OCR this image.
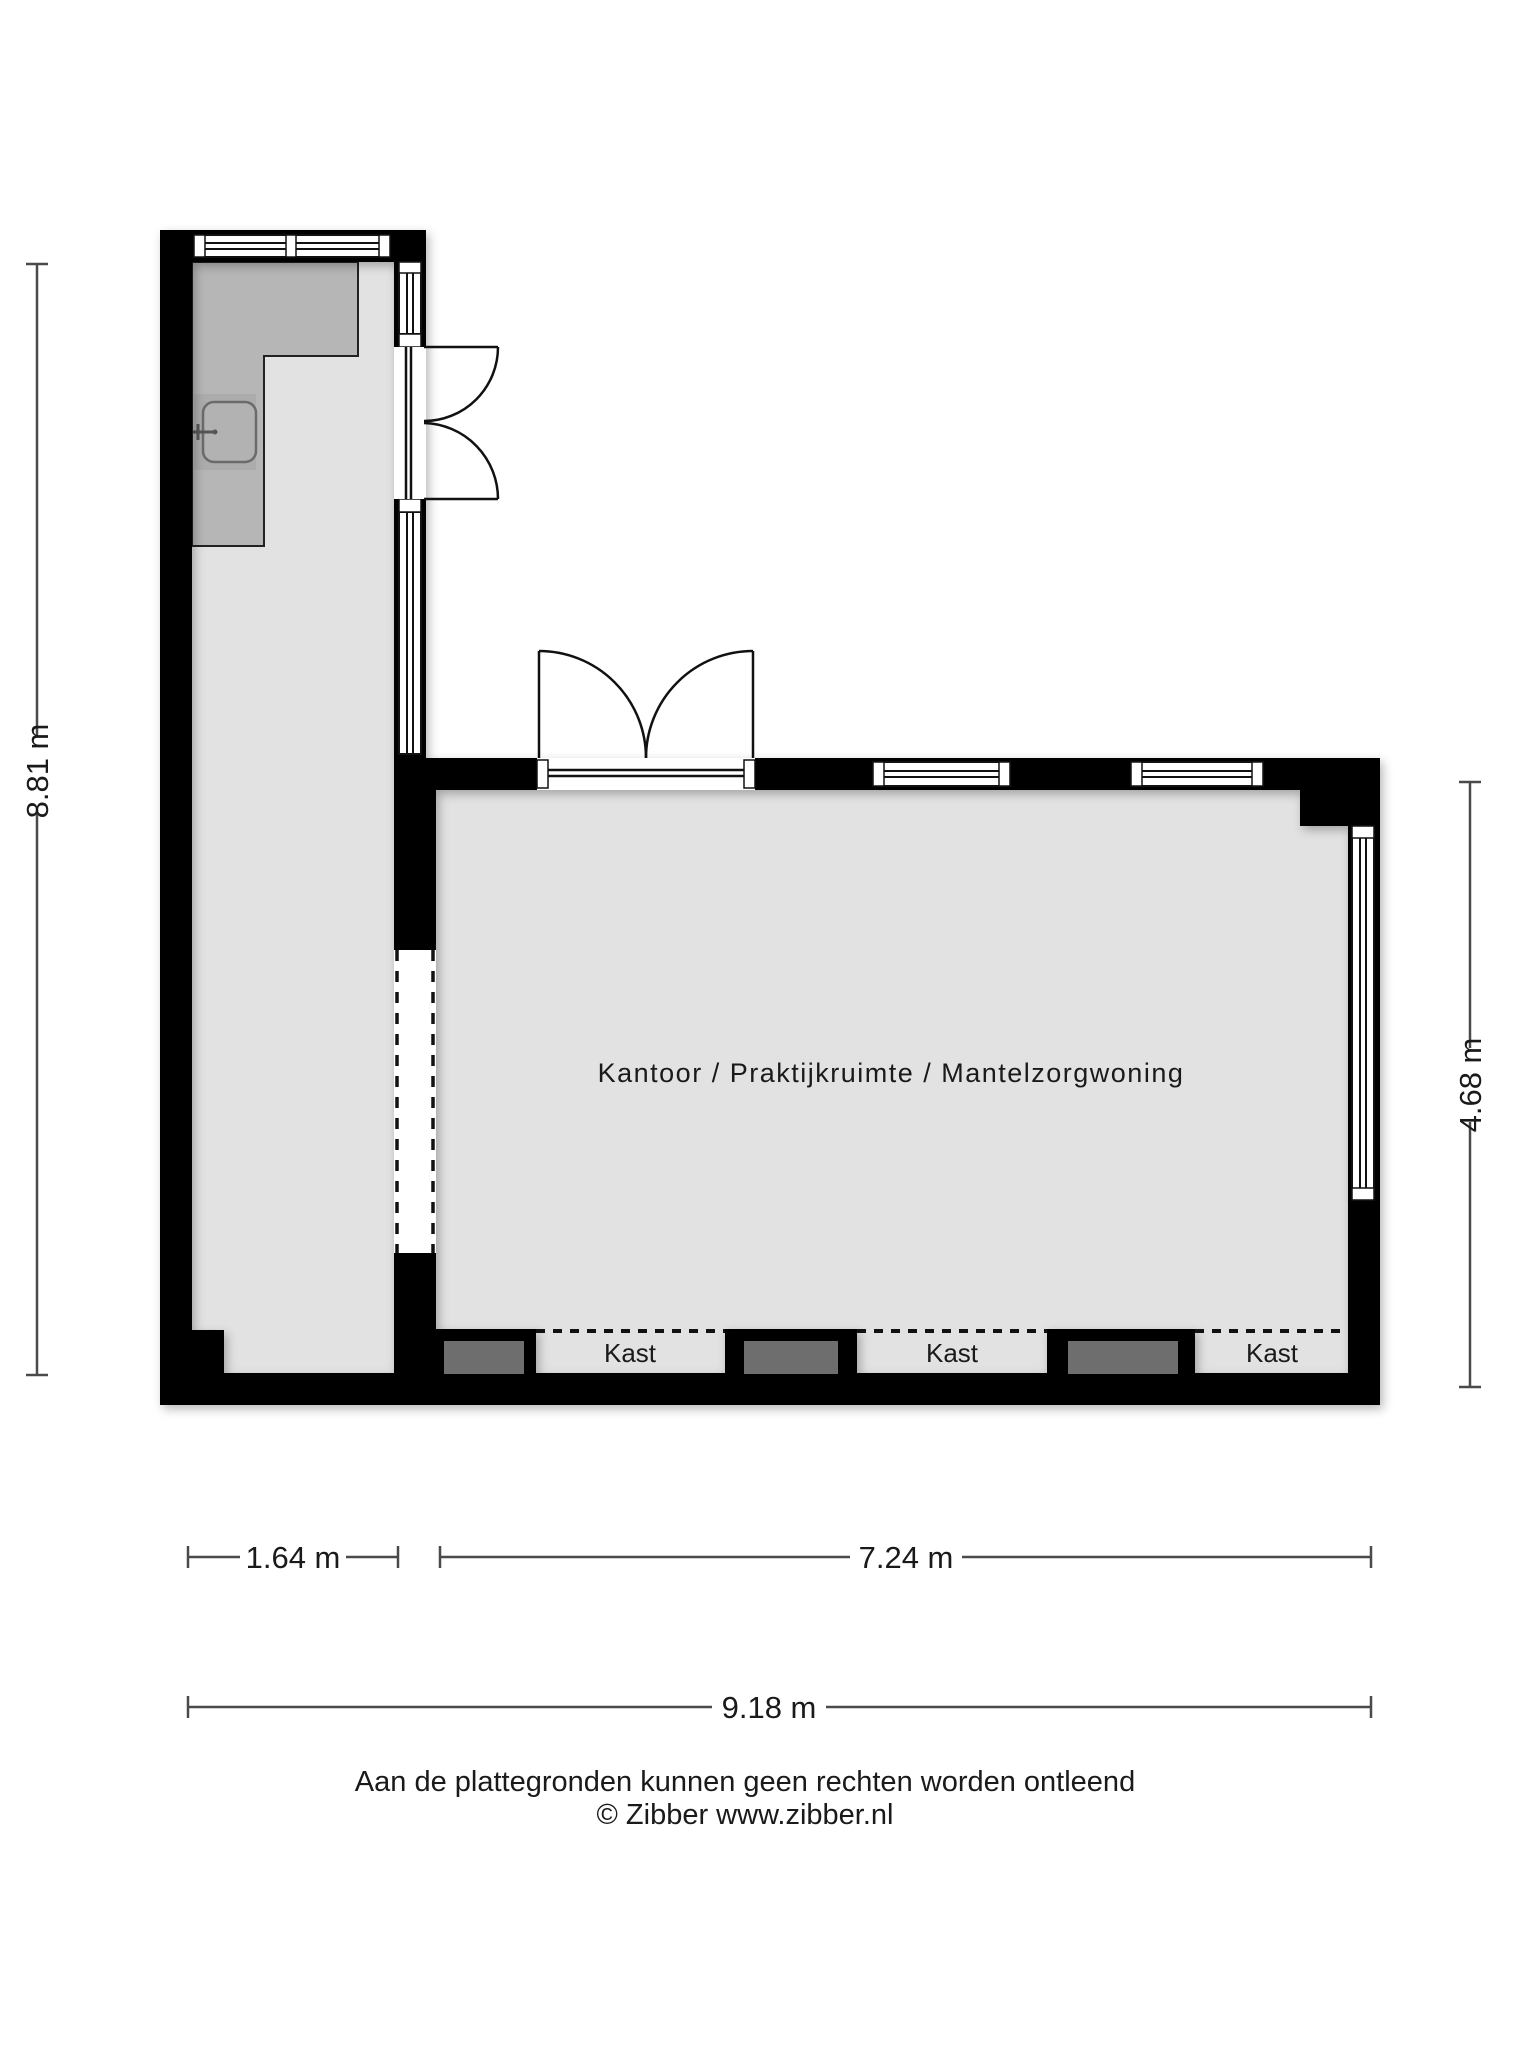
Kantoor / Praktijkruimte / Mantelzorgwoning
Kast	Kast	Kast
8.81 m
4.68 m
1.64 m	7.24 m
9.18 m
Aan de plattegronden kunnen geen rechten worden ontleend
© Zibber www.zibber.nl
